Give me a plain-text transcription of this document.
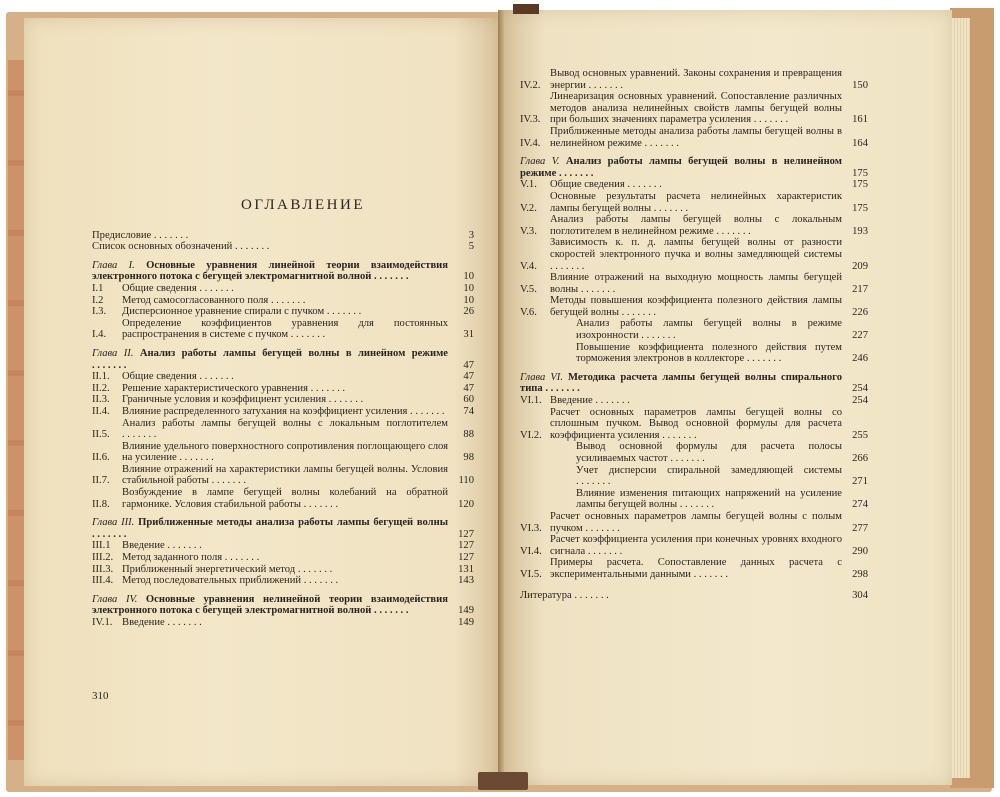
ОГЛАВЛЕНИЕ
Предисловие . . . . . . .	3
Список основных обозначений . . . . . . .	5
Глава I. Основные уравнения линейной теории взаимодействия электронного потока с бегущей электромагнитной волной . . . . . . .	10
I.1	Общие сведения . . . . . . .	10
I.2	Метод самосогласованного поля . . . . . . .	10
I.3.	Дисперсионное уравнение спирали с пучком . . . . . . .	26
I.4.
Определение коэффициентов уравнения для постоянных распространения в системе с пучком . . . . . . .	31
Глава II. Анализ работы лампы бегущей волны в линейном режиме . . . . . . .	47
II.1.	Общие сведения . . . . . . .	47
II.2.	Решение характеристического уравнения . . . . . . .	47
II.3.	Граничные условия и коэффициент усиления . . . . . . .	60
II.4.	Влияние распределенного затухания на коэффициент усиления . . . . . . .	74
II.5.
Анализ работы лампы бегущей волны с локальным поглотителем . . . . . . .	88
II.6.
Влияние удельного поверхностного сопротивления поглощающего слоя на усиление . . . . . . .	98
II.7.
Влияние отражений на характеристики лампы бегущей волны. Условия стабильной работы . . . . . . .	110
II.8.
Возбуждение в лампе бегущей волны колебаний на обратной гармонике. Условия стабильной работы . . . . . . .	120
Глава III. Приближенные методы анализа работы лампы бегущей волны . . . . . . .	127
III.1	Введение . . . . . . .	127
III.2. Метод заданного поля . . . . . . .	127
III.3. Приближенный энергетический метод . . . . . . .	131
III.4. Метод последовательных приближений . . . . . . .	143
Глава IV. Основные уравнения нелинейной теории взаимодействия электронного потока с бегущей электромагнитной волной . . . . . . .	149
IV.1. Введение . . . . . . .	149
310
IV.2.
Вывод основных уравнений. Законы сохранения и превращения энергии . . . . . . .	150
IV.3.
Линеаризация основных уравнений. Сопоставление различных методов анализа нелинейных свойств лампы бегущей волны при больших значениях параметра усиления . . . . . . .	161
IV.4.
Приближенные методы анализа работы лампы бегущей волны в нелинейном режиме . . . . . . .	164
Глава V. Анализ работы лампы бегущей волны в нелинейном режиме . . . . . . .	175
V.1.	Общие сведения . . . . . . .	175
V.2.
Основные результаты расчета нелинейных характеристик лампы бегущей волны . . . . . . .	175
V.3.
Анализ работы лампы бегущей волны с локальным поглотителем в нелинейном режиме . . . . . . .	193
V.4.
Зависимость к. п. д. лампы бегущей волны от разности скоростей электронного пучка и волны замедляющей системы . . . . . . .	209
V.5.
Влияние отражений на выходную мощность лампы бегущей волны . . . . . . .	217
V.6.
Методы повышения коэффициента полезного действия лампы бегущей волны . . . . . . .	226
Анализ работы лампы бегущей волны в режиме изохронности . . . . . . .	227
Повышение коэффициента полезного действия путем торможения электронов в коллекторе . . . . . . .	246
Глава VI. Методика расчета лампы бегущей волны спирального типа . . . . . . .	254
VI.1. Введение . . . . . . .	254
VI.2.
Расчет основных параметров лампы бегущей волны со сплошным пучком. Вывод основной формулы для расчета коэффициента усиления . . . . . . .	255
Вывод основной формулы для расчета полосы усиливаемых частот . . . . . . .	266
Учет дисперсии спиральной замедляющей системы . . . . . . .	271
Влияние изменения питающих напряжений на усиление лампы бегущей волны . . . . . . .	274
VI.3.
Расчет основных параметров лампы бегущей волны с полым пучком . . . . . . .	277
VI.4.
Расчет коэффициента усиления при конечных уровнях входного сигнала . . . . . . .	290
VI.5.
Примеры расчета. Сопоставление данных расчета с экспериментальными данными . . . . . . .	298
Литература . . . . . . .	304
